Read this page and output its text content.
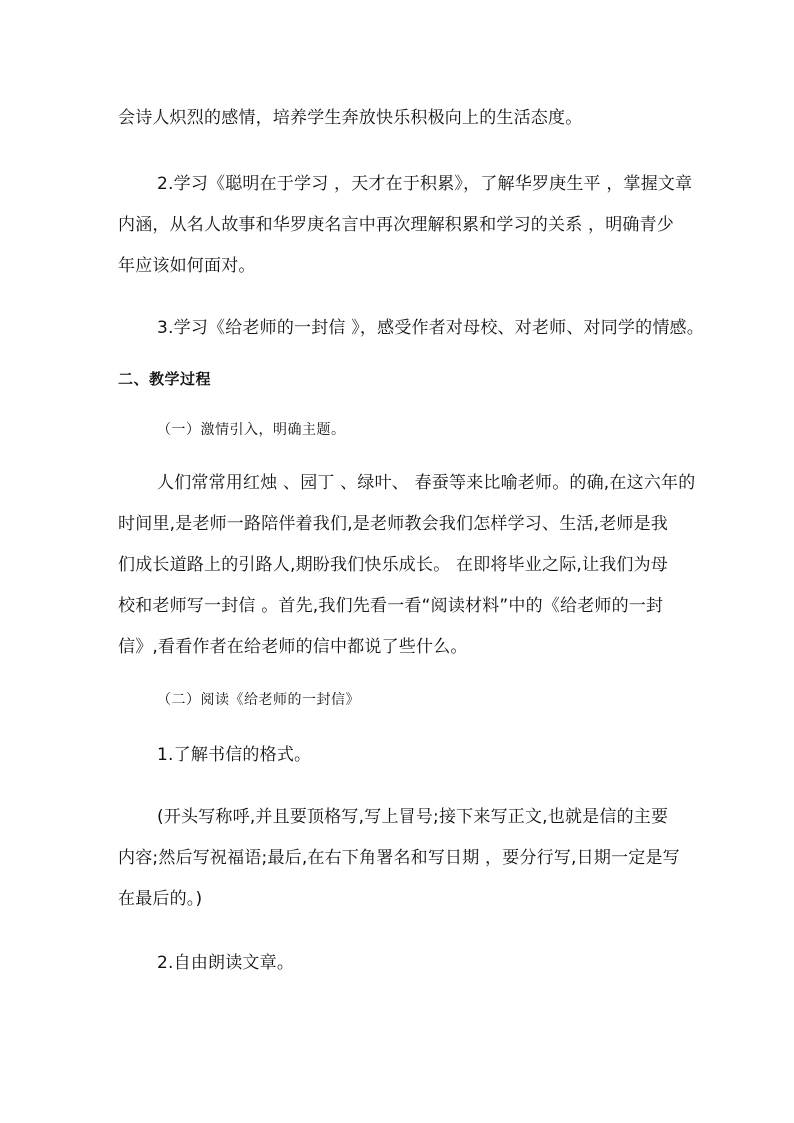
会诗人炽烈的感情，培养学生奔放快乐积极向上的生活态度。
2.学习《聪明在于学习 ，天才在于积累》，了解华罗庚生平 ，掌握文章
内涵，从名人故事和华罗庚名言中再次理解积累和学习的关系 ，明确青少
年应该如何面对。
3.学习《给老师的一封信 》，感受作者对母校、对老师、对同学的情感。
二、教学过程
（一）激情引入，明确主题。
人们常常用红烛 、园丁 、绿叶、 春蚕等来比喻老师。的确,在这六年的
时间里,是老师一路陪伴着我们,是老师教会我们怎样学习、生活,老师是我
们成长道路上的引路人,期盼我们快乐成长。 在即将毕业之际,让我们为母
校和老师写一封信 。首先,我们先看一看“阅读材料”中的《给老师的一封
信》,看看作者在给老师的信中都说了些什么。
（二）阅读《给老师的一封信》
1.了解书信的格式。
(开头写称呼,并且要顶格写,写上冒号;接下来写正文,也就是信的主要
内容;然后写祝福语;最后,在右下角署名和写日期 ，要分行写,日期一定是写
在最后的。)
2.自由朗读文章。
